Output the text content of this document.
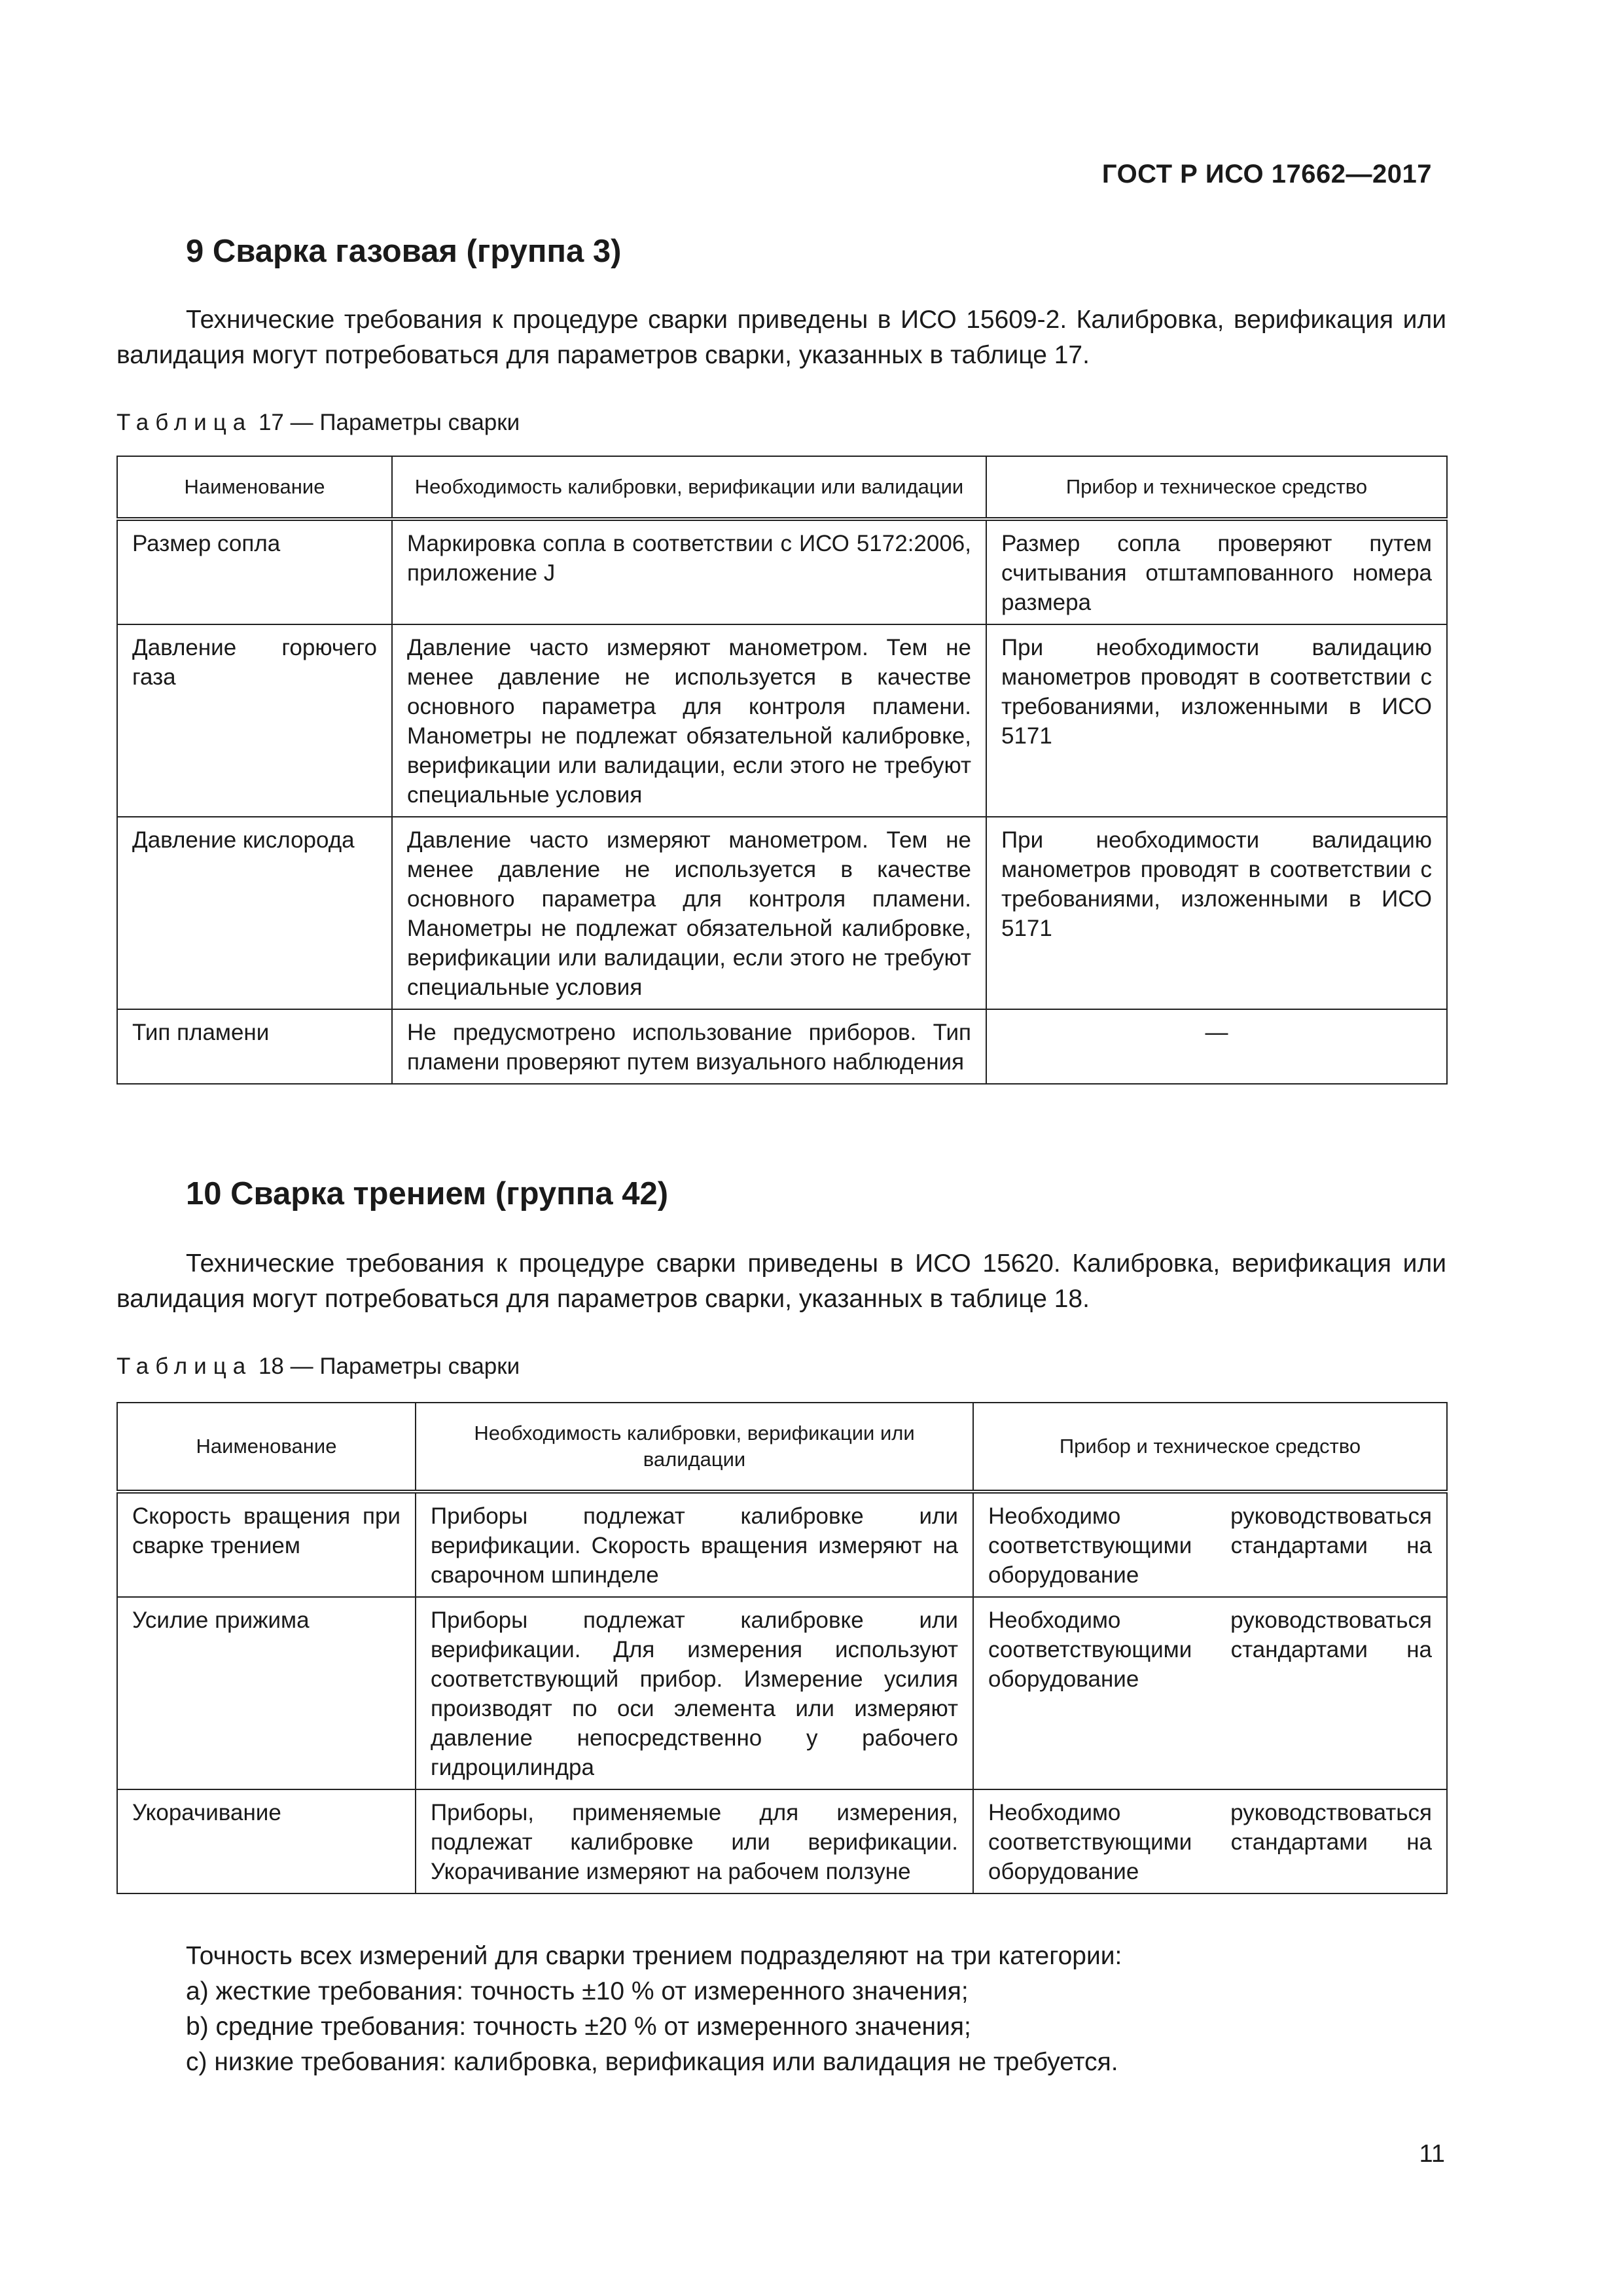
ГОСТ Р ИСО 17662—2017
9 Сварка газовая (группа 3)
Технические требования к процедуре сварки приведены в ИСО 15609-2. Калибровка, верификация или валидация могут потребоваться для параметров сварки, указанных в таблице 17.
Таблица 17 — Параметры сварки
Наименование	Необходимость калибровки, верификации или валидации	Прибор и техническое средство
Размер сопла	Маркировка сопла в соответствии с ИСО 5172:2006, приложение J	Размер сопла проверяют путем считывания отштампованного номера размера
Давление горючего газа	Давление часто измеряют манометром. Тем не менее давление не используется в качестве основного параметра для контроля пламени. Манометры не подлежат обязательной калибровке, верификации или валидации, если этого не требуют специальные условия	При необходимости валидацию манометров проводят в соответствии с требованиями, изложенными в ИСО 5171
Давление кислорода	Давление часто измеряют манометром. Тем не менее давление не используется в качестве основного параметра для контроля пламени. Манометры не подлежат обязательной калибровке, верификации или валидации, если этого не требуют специальные условия	При необходимости валидацию манометров проводят в соответствии с требованиями, изложенными в ИСО 5171
Тип пламени	Не предусмотрено использование приборов. Тип пламени проверяют путем визуального наблюдения	—
10 Сварка трением (группа 42)
Технические требования к процедуре сварки приведены в ИСО 15620. Калибровка, верификация или валидация могут потребоваться для параметров сварки, указанных в таблице 18.
Таблица 18 — Параметры сварки
Наименование	Необходимость калибровки, верификации или валидации	Прибор и техническое средство
Скорость вращения при сварке трением	Приборы подлежат калибровке или верификации. Скорость вращения измеряют на сварочном шпинделе	Необходимо руководствоваться соответствующими стандартами на оборудование
Усилие прижима	Приборы подлежат калибровке или верификации. Для измерения используют соответствующий прибор. Измерение усилия производят по оси элемента или измеряют давление непосредственно у рабочего гидроцилиндра	Необходимо руководствоваться соответствующими стандартами на оборудование
Укорачивание	Приборы, применяемые для измерения, подлежат калибровке или верификации. Укорачивание измеряют на рабочем ползуне	Необходимо руководствоваться соответствующими стандартами на оборудование
Точность всех измерений для сварки трением подразделяют на три категории:
a) жесткие требования: точность ±10 % от измеренного значения;
b) средние требования: точность ±20 % от измеренного значения;
c) низкие требования: калибровка, верификация или валидация не требуется.
11
